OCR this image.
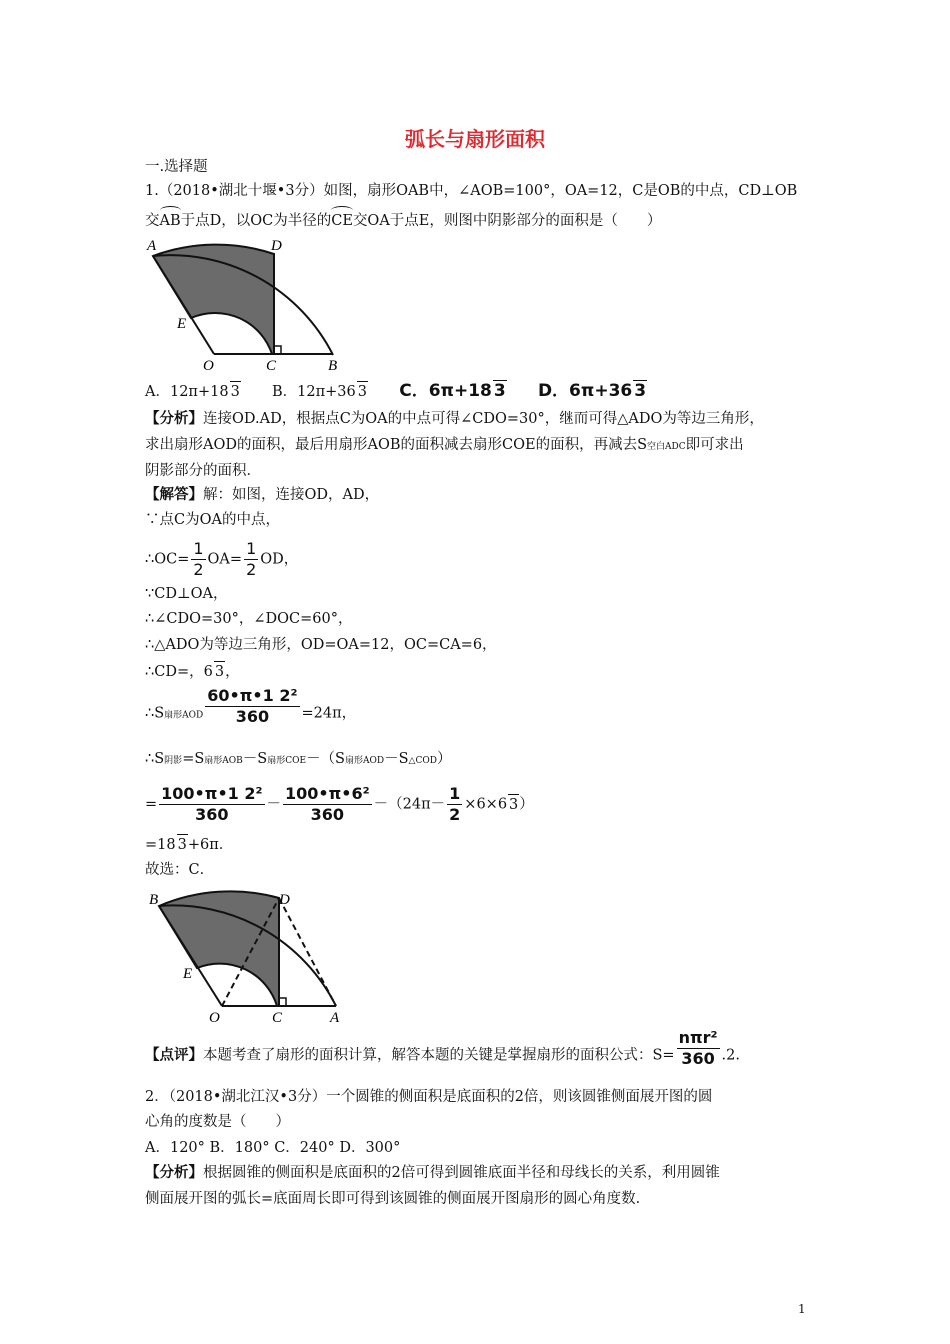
弧长与扇形面积
一.选择题
1.（2018•湖北十堰•3分）如图，扇形OAB中，∠AOB=100°，OA=12，C是OB的中点，CD⊥OB
交AB于点D，以OC为半径的CE交OA于点E，则图中阴影部分的面积是（　　）
A	D
E
O	C	B
A．12π+18 3 B．12π+36 3 C．6π+18 3 D．6π+36 3
【分析】连接OD.AD，根据点C为OA的中点可得∠CDO=30°，继而可得△ADO为等边三角形，
求出扇形AOD的面积，最后用扇形AOB的面积减去扇形COE的面积，再减去S空白ADC即可求出
阴影部分的面积．
【解答】解：如图，连接OD，AD，
∵点C为OA的中点，
∴OC= $\frac{1}{2} OA= \frac{1}{2}$ OD，
∵CD⊥OA，
∴∠CDO=30°，∠DOC=60°，
∴△ADO为等边三角形，OD=OA=12，OC=CA=6，
∴CD=，6 3，
∴S扇形AOD $\frac{\text{60•π•1 2²}}{360} =24\pi$，
∴S阴影=S扇形AOB－S扇形COE－（S扇形AOD－S△COD）
= $\frac{\text{100•π•1 2²}}{360} - \frac{\text{100•π•6²}}{360} -(24\pi- \frac{1}{2} \times 6\times 6$ 3）
=18 3+6π．
故选：C．
B	D
E
O	C	A
【点评】本题考查了扇形的面积计算，解答本题的关键是掌握扇形的面积公式：$S= \frac{\text{nπr²}}{360} .2$.
2．（2018•湖北江汉•3分）一个圆锥的侧面积是底面积的2倍，则该圆锥侧面展开图的圆
心角的度数是（　　）
A．120° B．180° C．240° D．300°
【分析】根据圆锥的侧面积是底面积的2倍可得到圆锥底面半径和母线长的关系，利用圆锥
侧面展开图的弧长=底面周长即可得到该圆锥的侧面展开图扇形的圆心角度数．
1
